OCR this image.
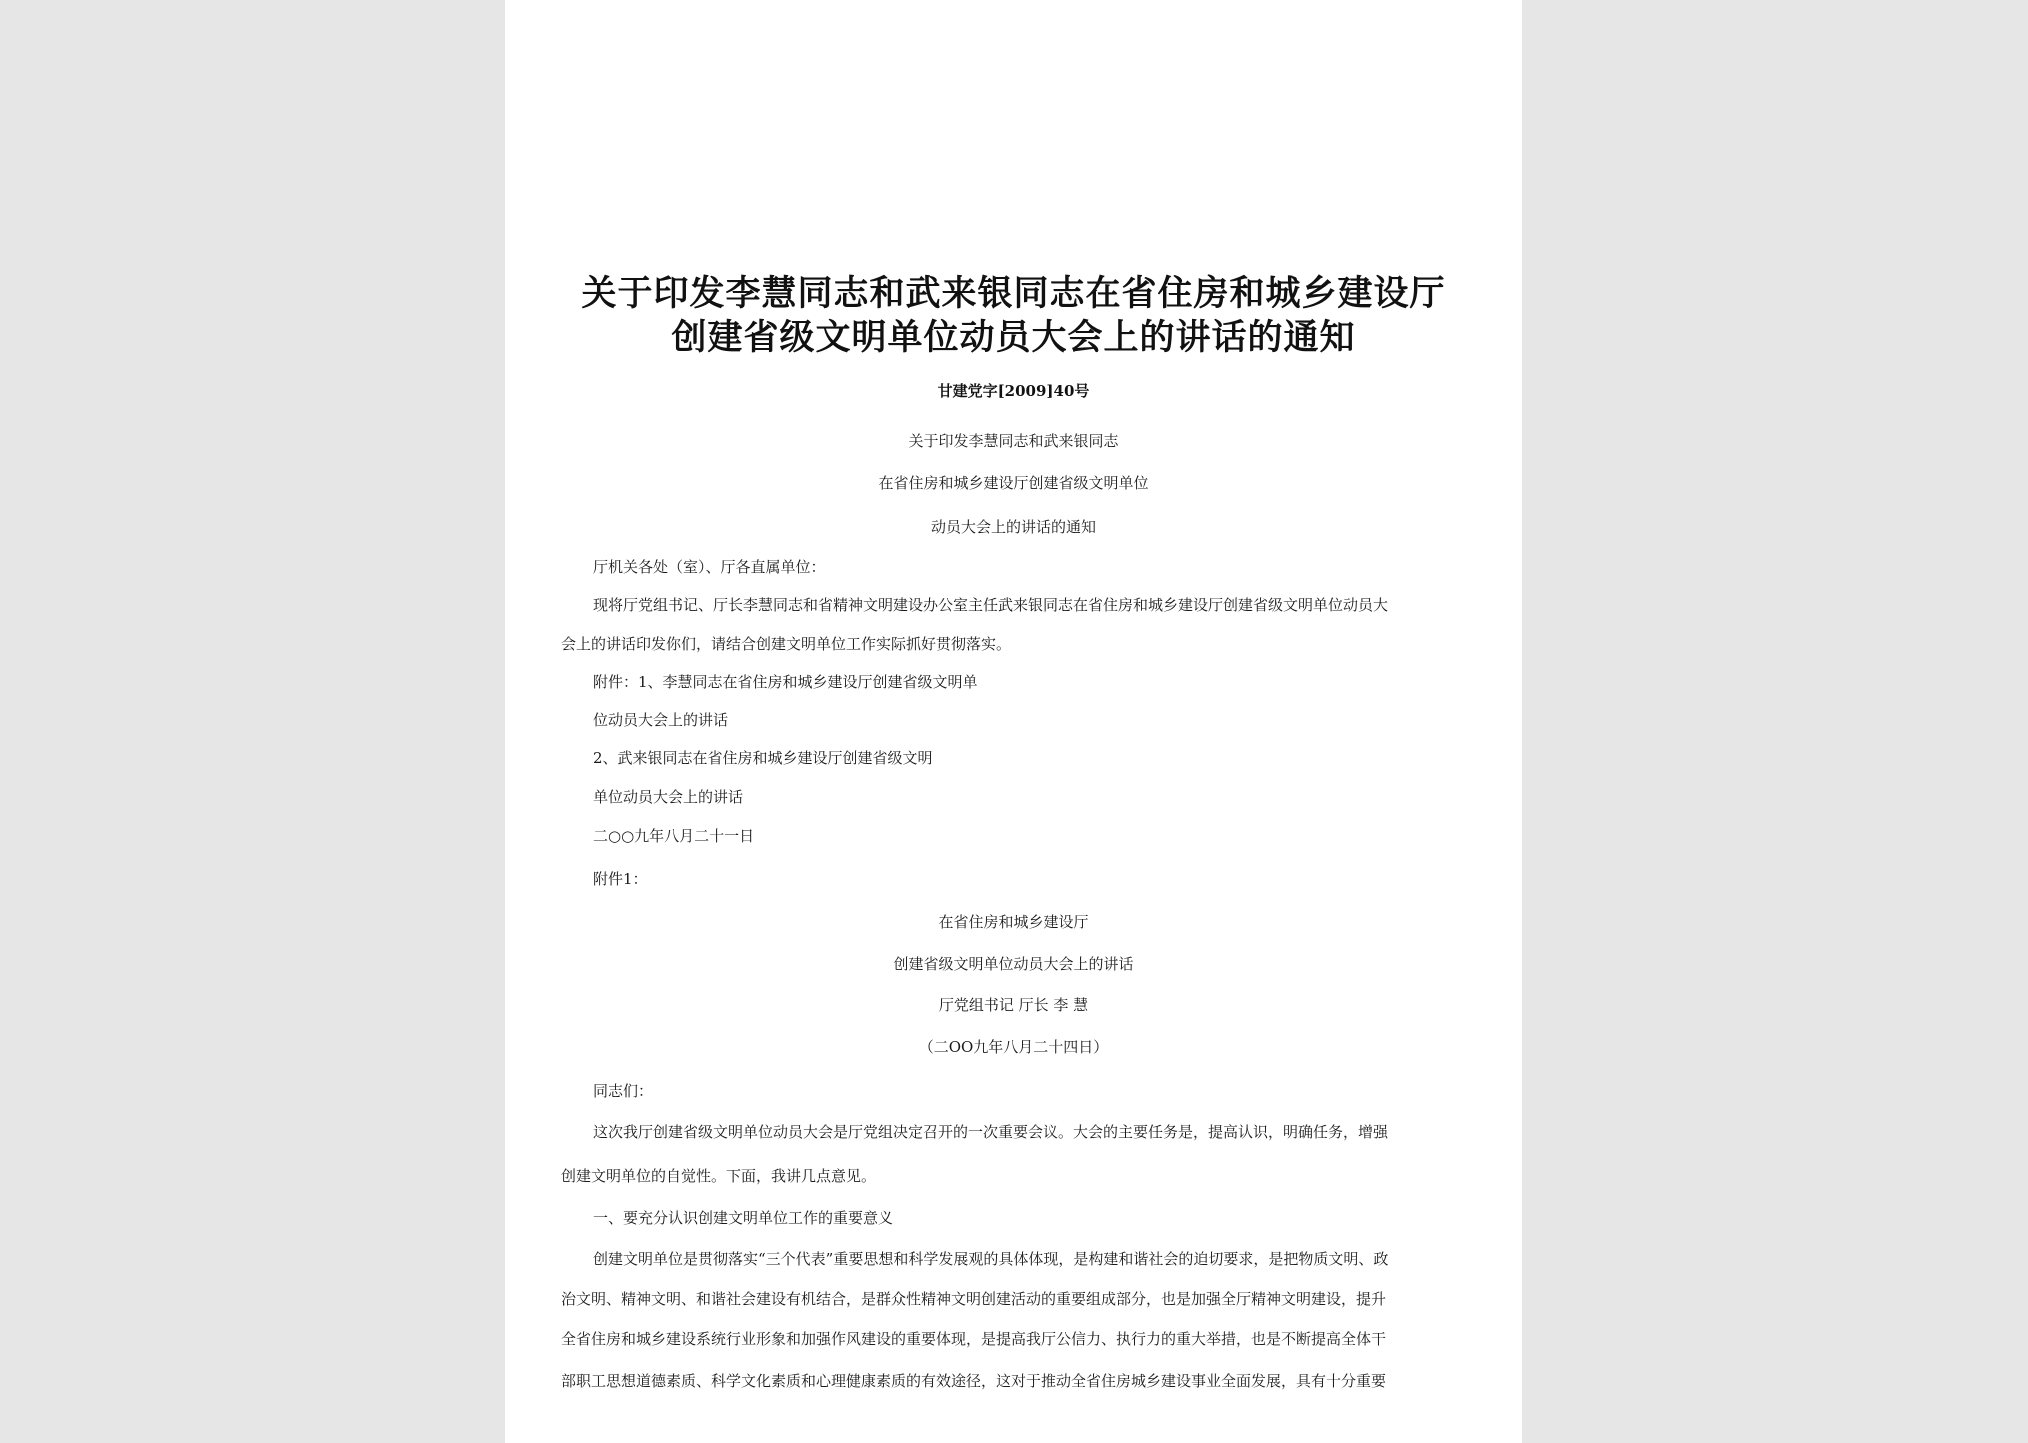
关于印发李慧同志和武来银同志在省住房和城乡建设厅
创建省级文明单位动员大会上的讲话的通知
甘建党字[2009]40号
关于印发李慧同志和武来银同志
在省住房和城乡建设厅创建省级文明单位
动员大会上的讲话的通知
厅机关各处（室）、厅各直属单位：
现将厅党组书记、厅长李慧同志和省精神文明建设办公室主任武来银同志在省住房和城乡建设厅创建省级文明单位动员大
会上的讲话印发你们，请结合创建文明单位工作实际抓好贯彻落实。
附件：1、李慧同志在省住房和城乡建设厅创建省级文明单
位动员大会上的讲话
2、武来银同志在省住房和城乡建设厅创建省级文明
单位动员大会上的讲话
二○○九年八月二十一日
附件1：
在省住房和城乡建设厅
创建省级文明单位动员大会上的讲话
厅党组书记 厅长 李 慧
（二OO九年八月二十四日）
同志们：
这次我厅创建省级文明单位动员大会是厅党组决定召开的一次重要会议。大会的主要任务是，提高认识，明确任务，增强
创建文明单位的自觉性。下面，我讲几点意见。
一、要充分认识创建文明单位工作的重要意义
创建文明单位是贯彻落实“三个代表”重要思想和科学发展观的具体体现，是构建和谐社会的迫切要求，是把物质文明、政
治文明、精神文明、和谐社会建设有机结合，是群众性精神文明创建活动的重要组成部分，也是加强全厅精神文明建设，提升
全省住房和城乡建设系统行业形象和加强作风建设的重要体现，是提高我厅公信力、执行力的重大举措，也是不断提高全体干
部职工思想道德素质、科学文化素质和心理健康素质的有效途径，这对于推动全省住房城乡建设事业全面发展，具有十分重要
